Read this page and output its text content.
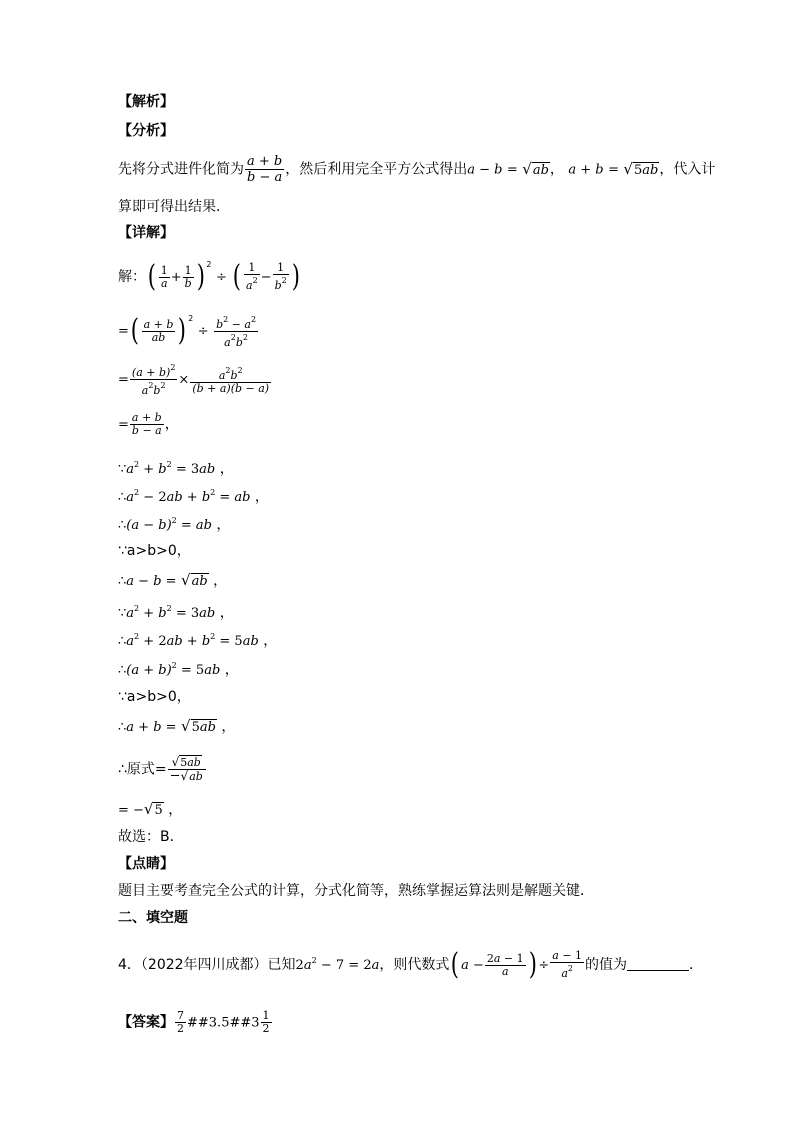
【解析】
【分析】
先将分式进件化简为 $\frac{a + b}{b - a}$ ，然后利用完全平方公式得出a − b = √ab， a + b = √5ab，代入计
算即可得出结果．
【详解】
解：( $\frac{1}{a} + \frac{1}{b}$ ) $^2$ ÷ ( $\frac{1}{a^2} - \frac{1}{b^2}$ )
=( $\frac{a + b}{ab}$ ) $^2 \div \frac{b^2 - a^2}{a^2b^2}$
= $\frac{(a + b)^2}{a^2b^2} \times \frac{a^2b^2}{(b + a)(b - a)}$
= $\frac{a + b}{b - a}$ ，
$\because a^2 + b^2 = 3ab$ ，
$\therefore a^2 - 2ab + b^2$ = ab ，
∴(a − b)$^2$ = ab ，
∵a>b>0，
∴a − b = √ab ，
$\because a^2 + b^2 = 3ab$ ，
$\therefore a^2 + 2ab + b^2 = 5ab$ ，
∴(a + b)$^2$ = 5ab ，
∵a>b>0，
∴a + b = √5ab ，
∴原式= $\frac{√5ab}{-√ab}$
= −√5 ，
故选：B．
【点睛】
题目主要考查完全公式的计算，分式化简等，熟练掌握运算法则是解题关键．
二、填空题
4．（2022年四川成都）已知$2a^2 - 7 = 2a$，则代数式( $a - \frac{2a - 1}{a}$ ) ÷ $\frac{a - 1}{a^2}$ 的值为	．
【答案】 $\frac{7}{2}$ ##3.5##3 $\frac{1}{2}$
